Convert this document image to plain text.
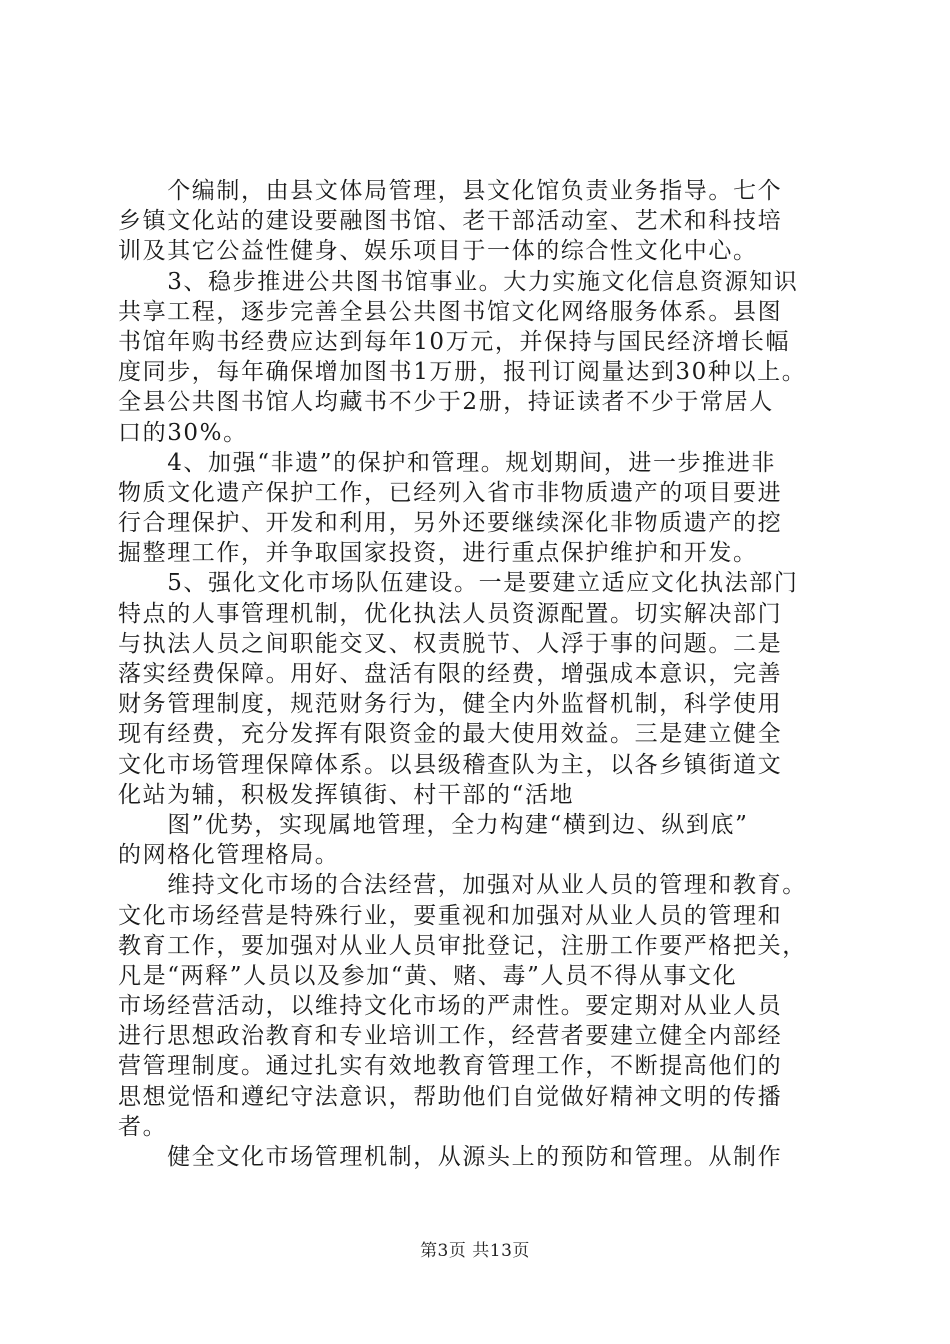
　　个编制，由县文体局管理，县文化馆负责业务指导。七个
乡镇文化站的建设要融图书馆、老干部活动室、艺术和科技培
训及其它公益性健身、娱乐项目于一体的综合性文化中心。
　　3、稳步推进公共图书馆事业。大力实施文化信息资源知识
共享工程，逐步完善全县公共图书馆文化网络服务体系。县图
书馆年购书经费应达到每年10万元，并保持与国民经济增长幅
度同步，每年确保增加图书1万册，报刊订阅量达到30种以上。
全县公共图书馆人均藏书不少于2册，持证读者不少于常居人
口的30%。
　　4、加强“非遗”的保护和管理。规划期间，进一步推进非
物质文化遗产保护工作，已经列入省市非物质遗产的项目要进
行合理保护、开发和利用，另外还要继续深化非物质遗产的挖
掘整理工作，并争取国家投资，进行重点保护维护和开发。
　　5、强化文化市场队伍建设。一是要建立适应文化执法部门
特点的人事管理机制，优化执法人员资源配置。切实解决部门
与执法人员之间职能交叉、权责脱节、人浮于事的问题。二是
落实经费保障。用好、盘活有限的经费，增强成本意识，完善
财务管理制度，规范财务行为，健全内外监督机制，科学使用
现有经费，充分发挥有限资金的最大使用效益。三是建立健全
文化市场管理保障体系。以县级稽查队为主，以各乡镇街道文
化站为辅，积极发挥镇街、村干部的“活地
　　图”优势，实现属地管理，全力构建“横到边、纵到底”
的网格化管理格局。
　　维持文化市场的合法经营，加强对从业人员的管理和教育。
文化市场经营是特殊行业，要重视和加强对从业人员的管理和
教育工作，要加强对从业人员审批登记，注册工作要严格把关，
凡是“两释”人员以及参加“黄、赌、毒”人员不得从事文化
市场经营活动，以维持文化市场的严肃性。要定期对从业人员
进行思想政治教育和专业培训工作，经营者要建立健全内部经
营管理制度。通过扎实有效地教育管理工作，不断提高他们的
思想觉悟和遵纪守法意识，帮助他们自觉做好精神文明的传播
者。
　　健全文化市场管理机制，从源头上的预防和管理。从制作
第3页 共13页
